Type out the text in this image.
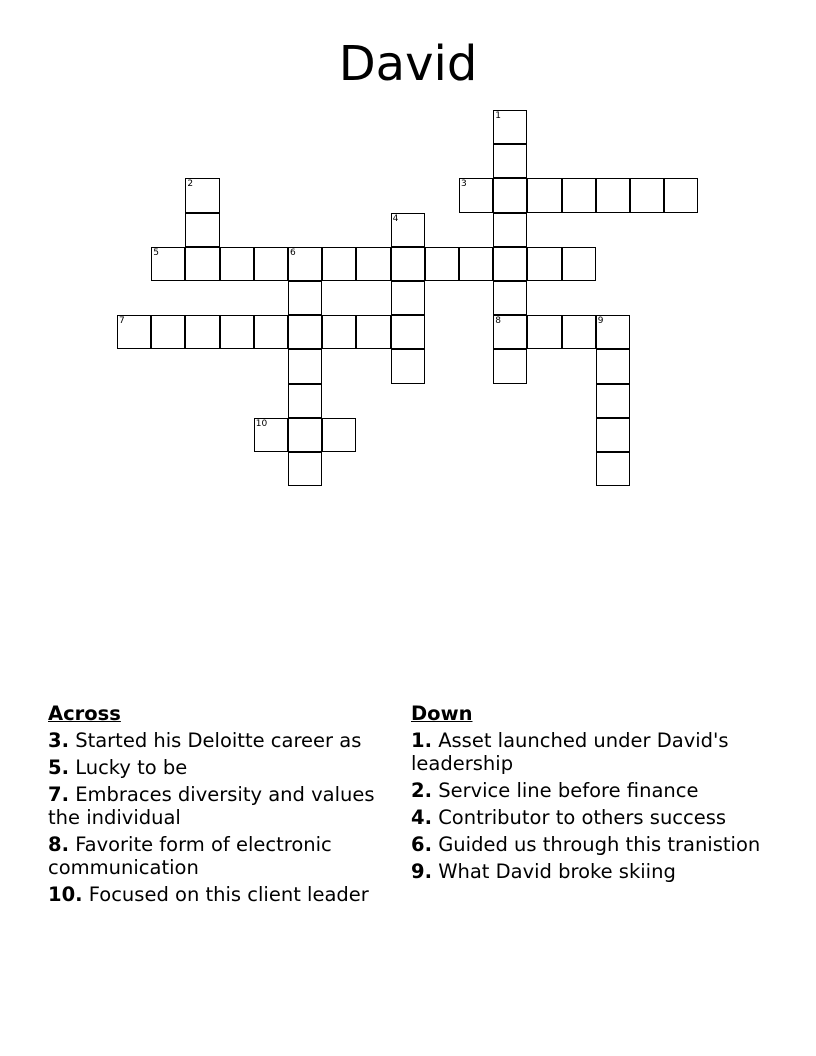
David
1
2	3
4
5	6
7	8	9
10
Across
3. Started his Deloitte career as
5. Lucky to be
7. Embraces diversity and values the individual
8. Favorite form of electronic communication
10. Focused on this client leader
Down
1. Asset launched under David's leadership
2. Service line before finance
4. Contributor to others success
6. Guided us through this tranistion
9. What David broke skiing
